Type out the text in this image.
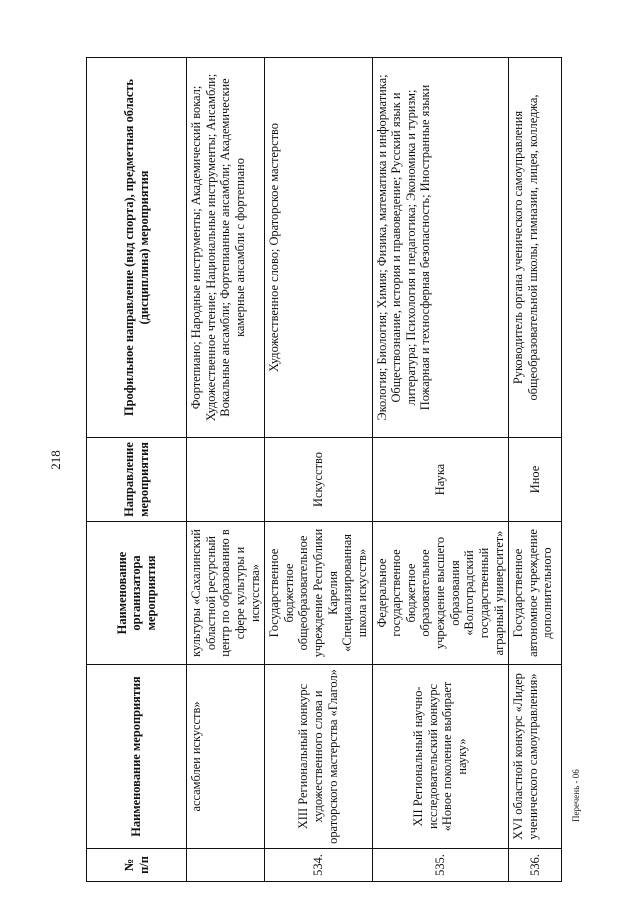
218
№ п/п	Наименование мероприятия	Наименование организатора мероприятия	Направление мероприятия	Профильное направление (вид спорта), предметная область (дисциплина) мероприятия
	ассамблеи искусств»	культуры «Сахалинский областной ресурсный центр по образованию в сфере культуры и искусства»		Фортепиано; Народные инструменты; Академический вокал; Художественное чтение; Национальные инструменты; Ансамбли; Вокальные ансамбли; Фортепианные ансамбли; Академические камерные ансамбли с фортепиано
534.	XIII Региональный конкурс художественного слова и ораторского мастерства «Глагол»	Государственное бюджетное общеобразовательное учреждение Республики Карелия «Специализированная школа искусств»	Искусство	Художественное слово; Ораторское мастерство
535.	XII Региональный научно-исследовательский конкурс «Новое поколение выбирает науку»	Федеральное государственное бюджетное образовательное учреждение высшего образования «Волгоградский государственный аграрный университет»	Наука	Экология; Биология; Химия; Физика, математика и информатика; Обществознание, история и правоведение; Русский язык и литература; Психология и педагогика; Экономика и туризм; Пожарная и техносферная безопасность; Иностранные языки
536.	XVI областной конкурс «Лидер ученического самоуправления»	Государственное автономное учреждение дополнительного	Иное	Руководитель органа ученического самоуправления общеобразовательной школы, гимназии, лицея, колледжа,
Перечень - 06
